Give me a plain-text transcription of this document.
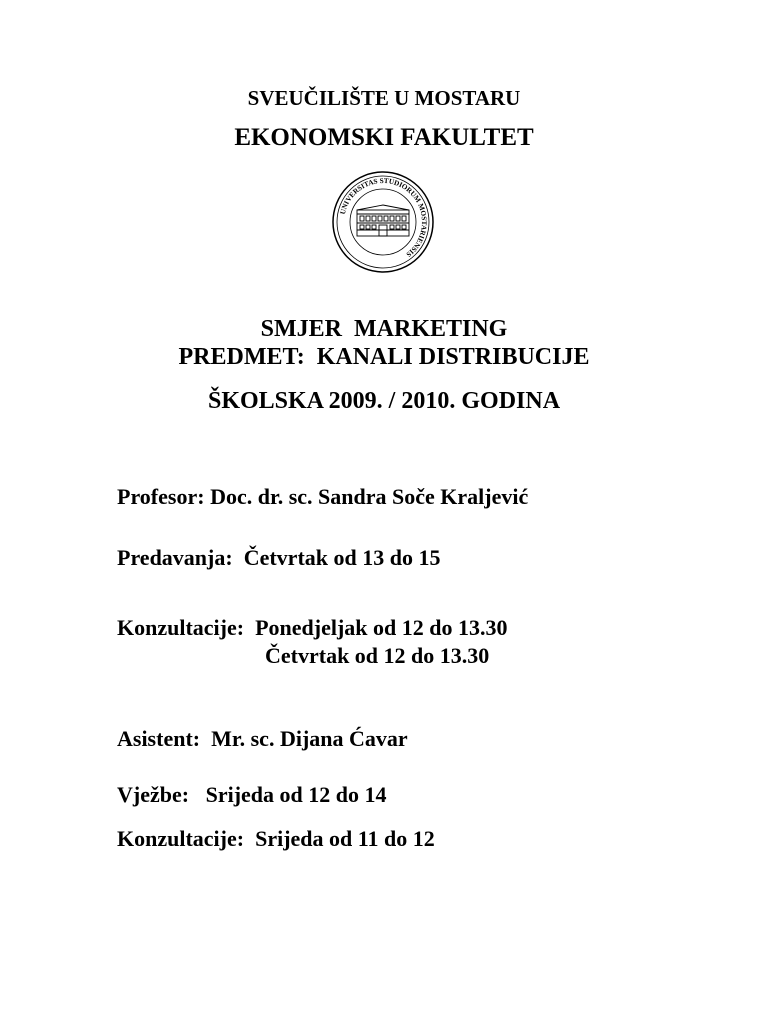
SVEUČILIŠTE U MOSTARU
EKONOMSKI FAKULTET
UNIVERSITAS STUDIORUM MOSTARIENSIS
SMJER  MARKETING
PREDMET:  KANALI DISTRIBUCIJE
ŠKOLSKA 2009. / 2010. GODINA
Profesor: Doc. dr. sc. Sandra Soče Kraljević
Predavanja: Četvrtak od 13 do 15
Konzultacije: Ponedjeljak od 12 do 13.30
Četvrtak od 12 do 13.30
Asistent: Mr. sc. Dijana Ćavar
Vježbe: Srijeda od 12 do 14
Konzultacije: Srijeda od 11 do 12
